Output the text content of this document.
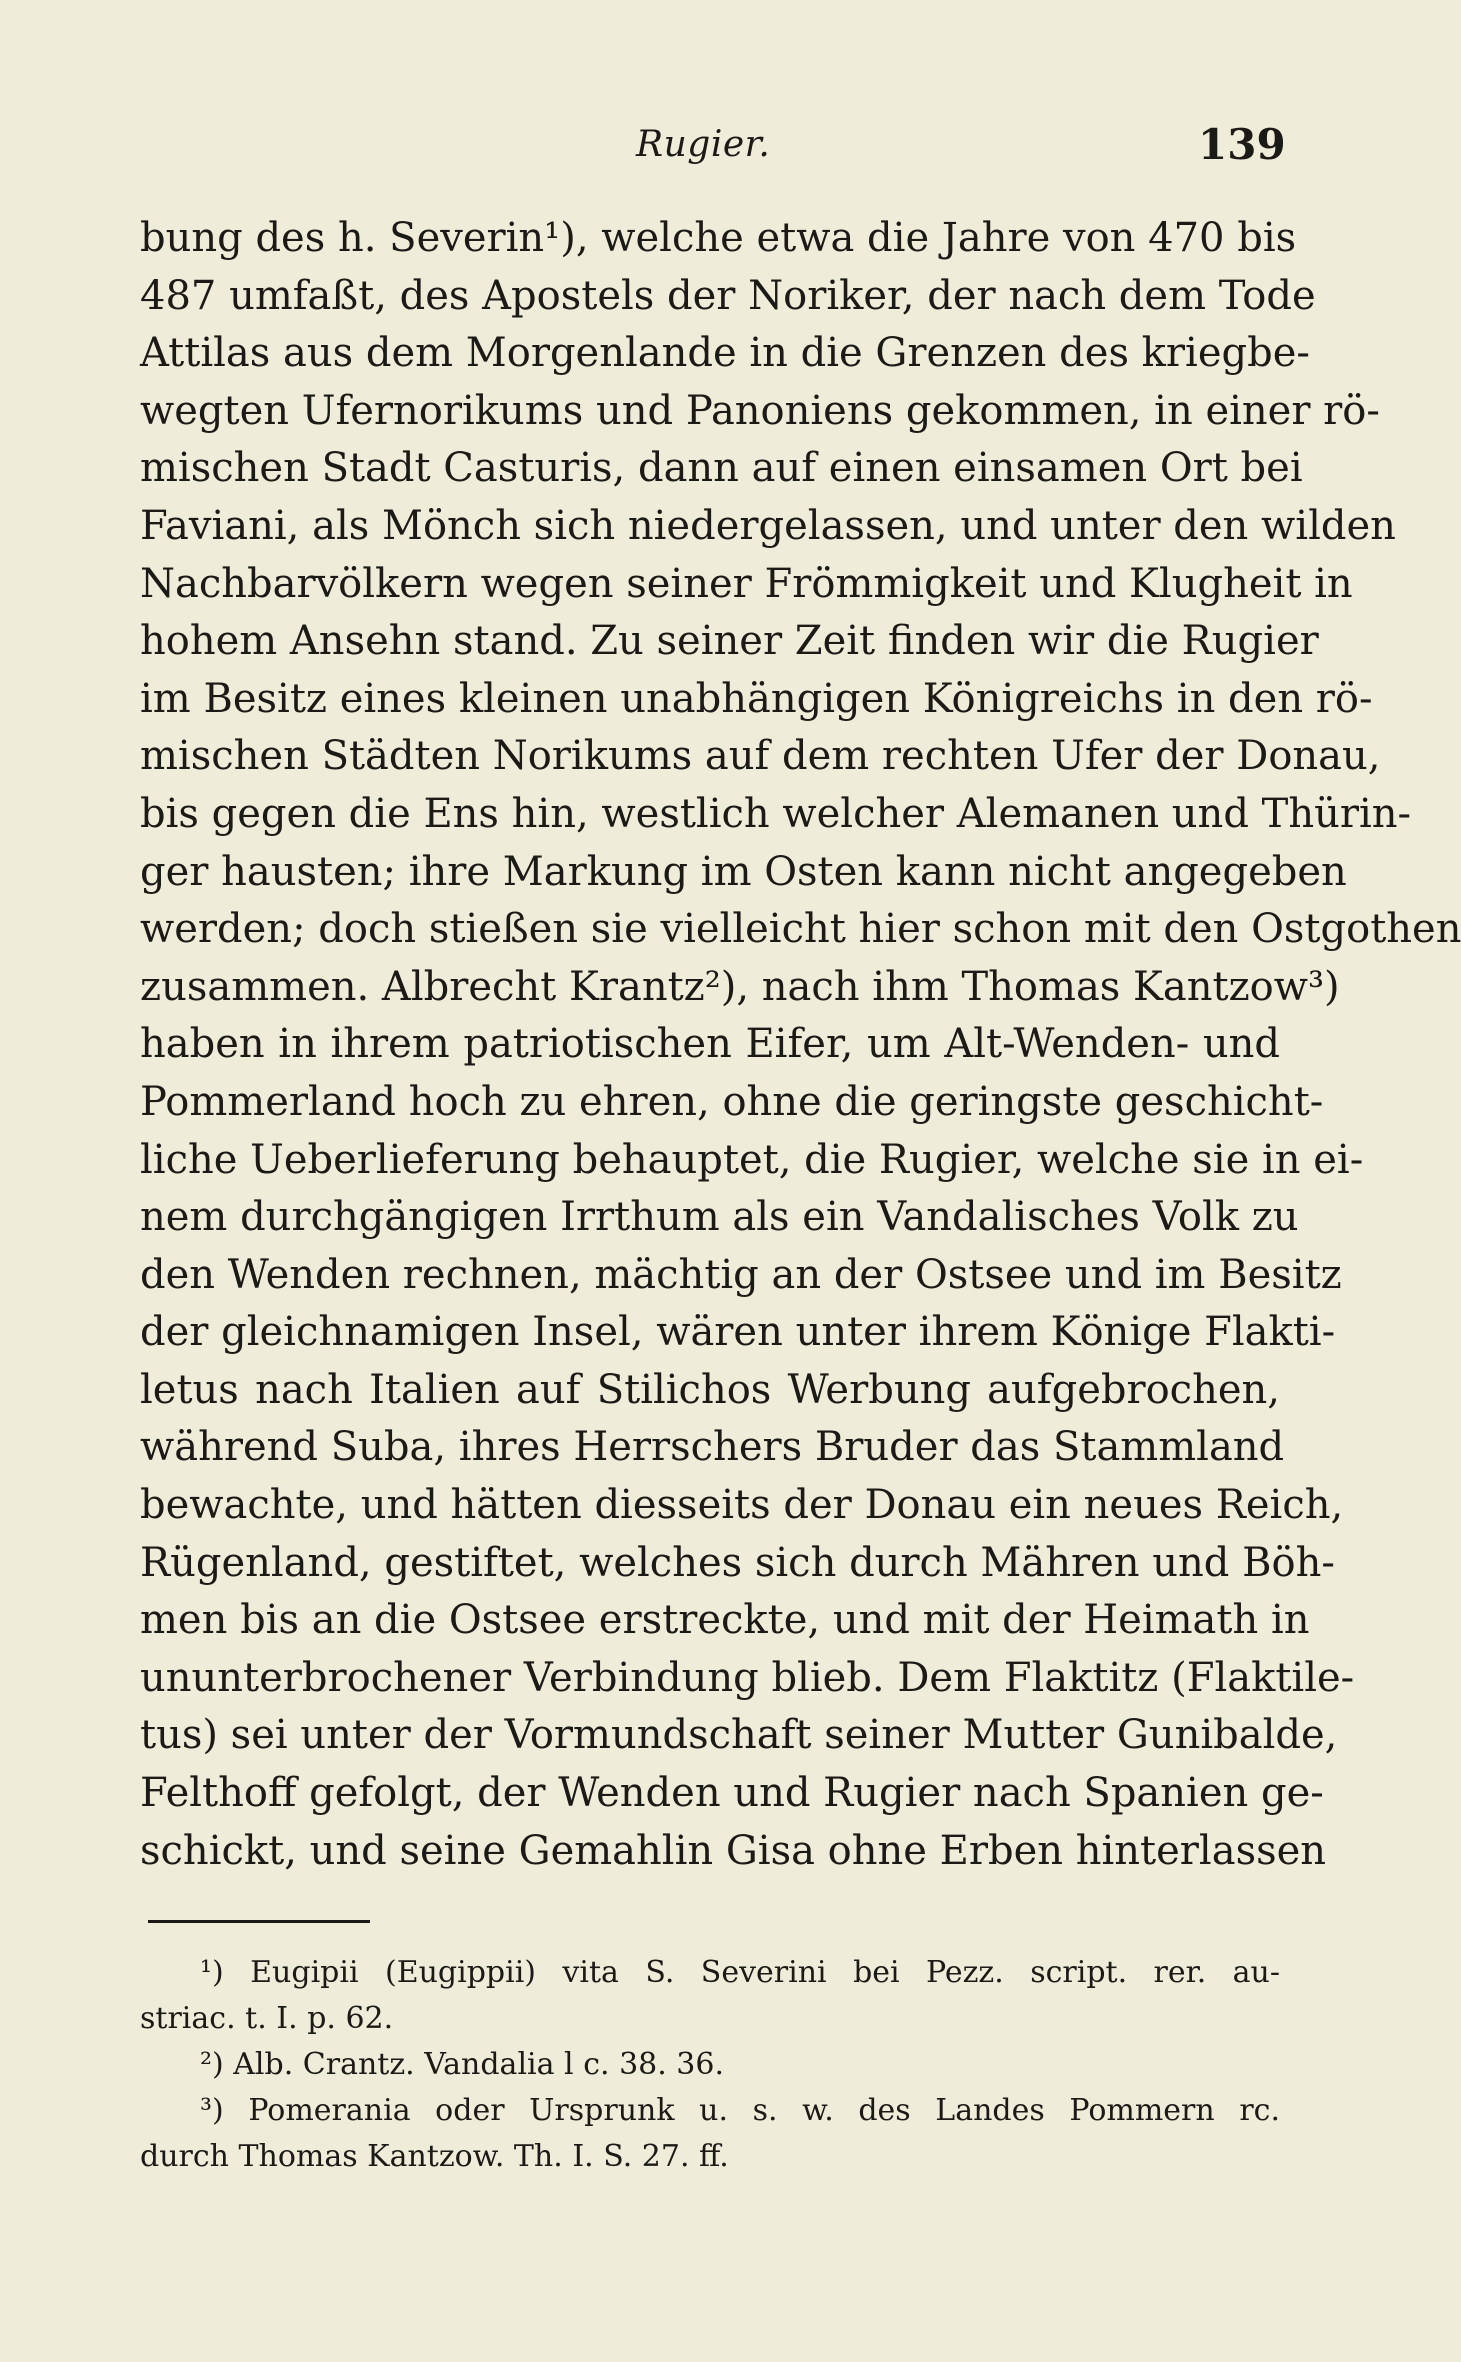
Rugier.	139
bung des h. Severin¹), welche etwa die Jahre von 470 bis
487 umfaßt, des Apostels der Noriker, der nach dem Tode
Attilas aus dem Morgenlande in die Grenzen des kriegbe-
wegten Ufernorikums und Panoniens gekommen, in einer rö-
mischen Stadt Casturis, dann auf einen einsamen Ort bei
Faviani, als Mönch sich niedergelassen, und unter den wilden
Nachbarvölkern wegen seiner Frömmigkeit und Klugheit in
hohem Ansehn stand. Zu seiner Zeit finden wir die Rugier
im Besitz eines kleinen unabhängigen Königreichs in den rö-
mischen Städten Norikums auf dem rechten Ufer der Donau,
bis gegen die Ens hin, westlich welcher Alemanen und Thürin-
ger hausten; ihre Markung im Osten kann nicht angegeben
werden; doch stießen sie vielleicht hier schon mit den Ostgothen
zusammen. Albrecht Krantz²), nach ihm Thomas Kantzow³)
haben in ihrem patriotischen Eifer, um Alt-Wenden- und
Pommerland hoch zu ehren, ohne die geringste geschicht-
liche Ueberlieferung behauptet, die Rugier, welche sie in ei-
nem durchgängigen Irrthum als ein Vandalisches Volk zu
den Wenden rechnen, mächtig an der Ostsee und im Besitz
der gleichnamigen Insel, wären unter ihrem Könige Flakti-
letus nach Italien auf Stilichos Werbung aufgebrochen,
während Suba, ihres Herrschers Bruder das Stammland
bewachte, und hätten diesseits der Donau ein neues Reich,
Rügenland, gestiftet, welches sich durch Mähren und Böh-
men bis an die Ostsee erstreckte, und mit der Heimath in
ununterbrochener Verbindung blieb. Dem Flaktitz (Flaktile-
tus) sei unter der Vormundschaft seiner Mutter Gunibalde,
Felthoff gefolgt, der Wenden und Rugier nach Spanien ge-
schickt, und seine Gemahlin Gisa ohne Erben hinterlassen
¹) Eugipii (Eugippii) vita S. Severini bei Pezz. script. rer. au-
striac. t. I. p. 62.
²) Alb. Crantz. Vandalia l c. 38. 36.
³) Pomerania oder Ursprunk u. s. w. des Landes Pommern rc.
durch Thomas Kantzow. Th. I. S. 27. ff.
